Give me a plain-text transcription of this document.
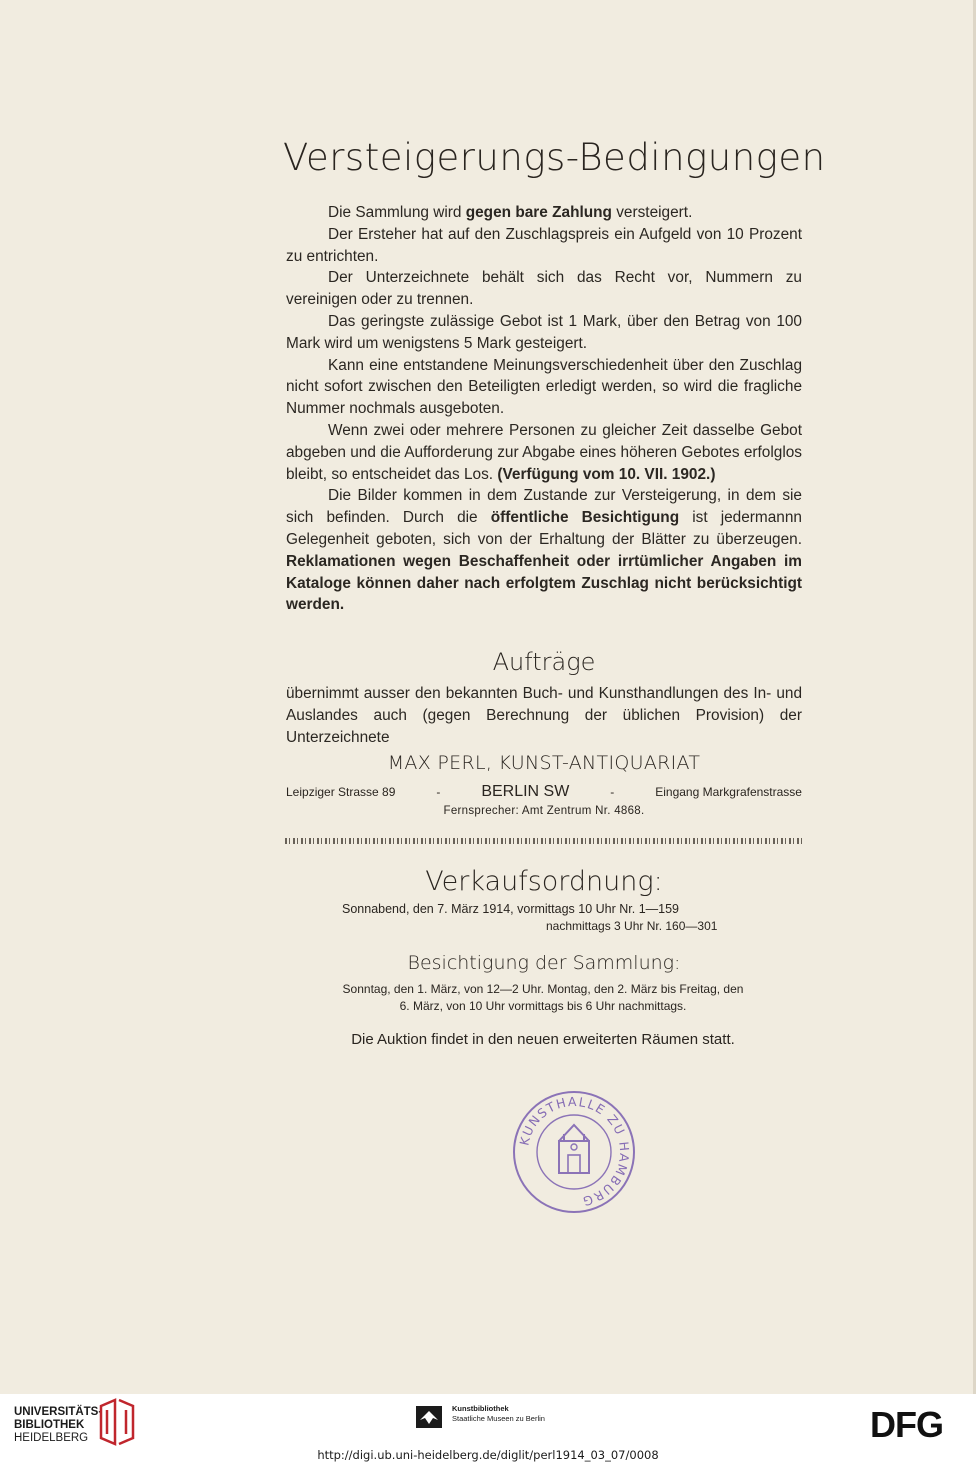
Versteigerungs-Bedingungen

Die Sammlung wird gegen bare Zahlung versteigert.

Der Ersteher hat auf den Zuschlagspreis ein Aufgeld von 10 Prozent zu entrichten.

Der Unterzeichnete behält sich das Recht vor, Nummern zu vereinigen oder zu trennen.

Das geringste zulässige Gebot ist 1 Mark, über den Betrag von 100 Mark wird um wenigstens 5 Mark gesteigert.

Kann eine entstandene Meinungsverschiedenheit über den Zuschlag nicht sofort zwischen den Beteiligten erledigt werden, so wird die fragliche Nummer nochmals ausgeboten.

Wenn zwei oder mehrere Personen zu gleicher Zeit dasselbe Gebot abgeben und die Aufforderung zur Abgabe eines höheren Gebotes erfolglos bleibt, so entscheidet das Los. (Verfügung vom 10. VII. 1902.)

Die Bilder kommen in dem Zustande zur Versteigerung, in dem sie sich befinden. Durch die öffentliche Besichtigung ist jedermannn Gelegenheit geboten, sich von der Erhaltung der Blätter zu überzeugen. Reklamationen wegen Beschaffenheit oder irrtümlicher Angaben im Kataloge können daher nach erfolgtem Zuschlag nicht berücksichtigt werden.

Aufträge
übernimmt ausser den bekannten Buch- und Kunsthandlungen des In- und Auslandes auch (gegen Berechnung der üblichen Provision) der Unterzeichnete
MAX PERL, KUNST-ANTIQUARIAT
Leipziger Strasse 89	-	BERLIN SW	-	Eingang Markgrafenstrasse
Fernsprecher: Amt Zentrum Nr. 4868.
Verkaufsordnung:
Sonnabend, den 7. März 1914, vormittags 10 Uhr Nr. 1—159
nachmittags 3 Uhr Nr. 160—301
Besichtigung der Sammlung:
Sonntag, den 1. März, von 12—2 Uhr. Montag, den 2. März bis Freitag, den
6. März, von 10 Uhr vormittags bis 6 Uhr nachmittags.
Die Auktion findet in den neuen erweiterten Räumen statt.
KUNSTHALLE ZU HAMBURG
UNIVERSITÄTS-
BIBLIOTHEK
HEIDELBERG
Kunstbibliothek
Staatliche Museen zu Berlin	DFG
http://digi.ub.uni-heidelberg.de/diglit/perl1914_03_07/0008
